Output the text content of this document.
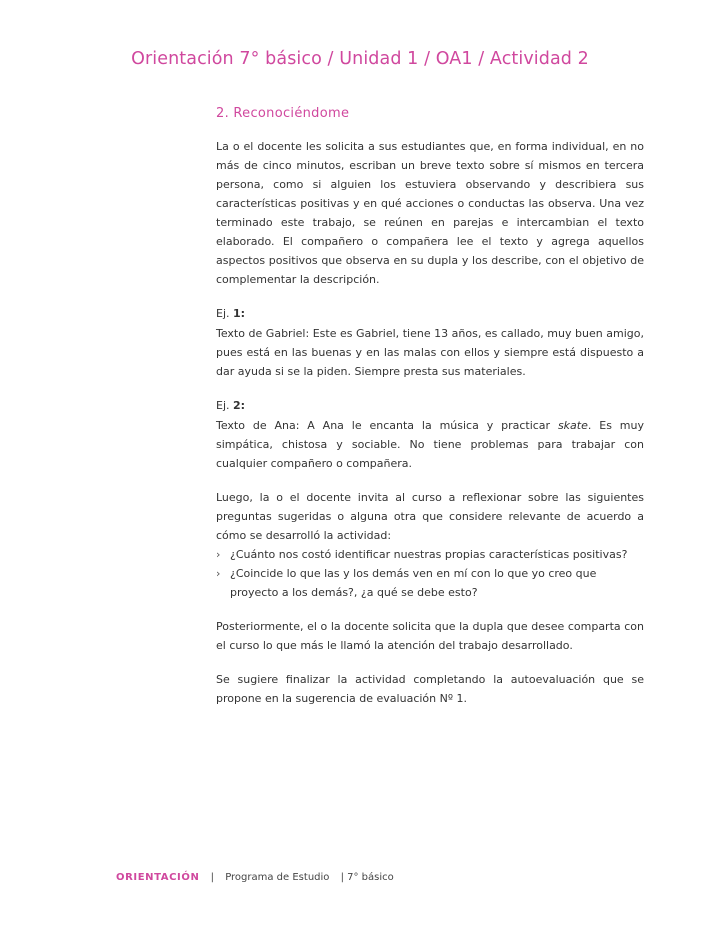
Orientación 7° básico / Unidad 1 / OA1 / Actividad 2
2. Reconociéndome

La o el docente les solicita a sus estudiantes que, en forma individual, en no más de cinco minutos, escriban un breve texto sobre sí mismos en tercera persona, como si alguien los estuviera observando y describiera sus características positivas y en qué acciones o conductas las observa. Una vez terminado este trabajo, se reúnen en parejas e intercambian el texto elaborado. El compañero o compañera lee el texto y agrega aquellos aspectos positivos que observa en su dupla y los describe, con el objetivo de complementar la descripción.

Ej. 1:

Texto de Gabriel: Este es Gabriel, tiene 13 años, es callado, muy buen amigo, pues está en las buenas y en las malas con ellos y siempre está dispuesto a dar ayuda si se la piden. Siempre presta sus materiales.

Ej. 2:

Texto de Ana: A Ana le encanta la música y practicar skate. Es muy simpática, chistosa y sociable. No tiene problemas para trabajar con cualquier compañero o compañera.

Luego, la o el docente invita al curso a reflexionar sobre las siguientes preguntas sugeridas o alguna otra que considere relevante de acuerdo a cómo se desarrolló la actividad:

› ¿Cuánto nos costó identificar nuestras propias características positivas?
› ¿Coincide lo que las y los demás ven en mí con lo que yo creo que proyecto a los demás?, ¿a qué se debe esto?

Posteriormente, el o la docente solicita que la dupla que desee comparta con el curso lo que más le llamó la atención del trabajo desarrollado.

Se sugiere finalizar la actividad completando la autoevaluación que se propone en la sugerencia de evaluación Nº 1.

ORIENTACIÓN | Programa de Estudio | 7° básico
